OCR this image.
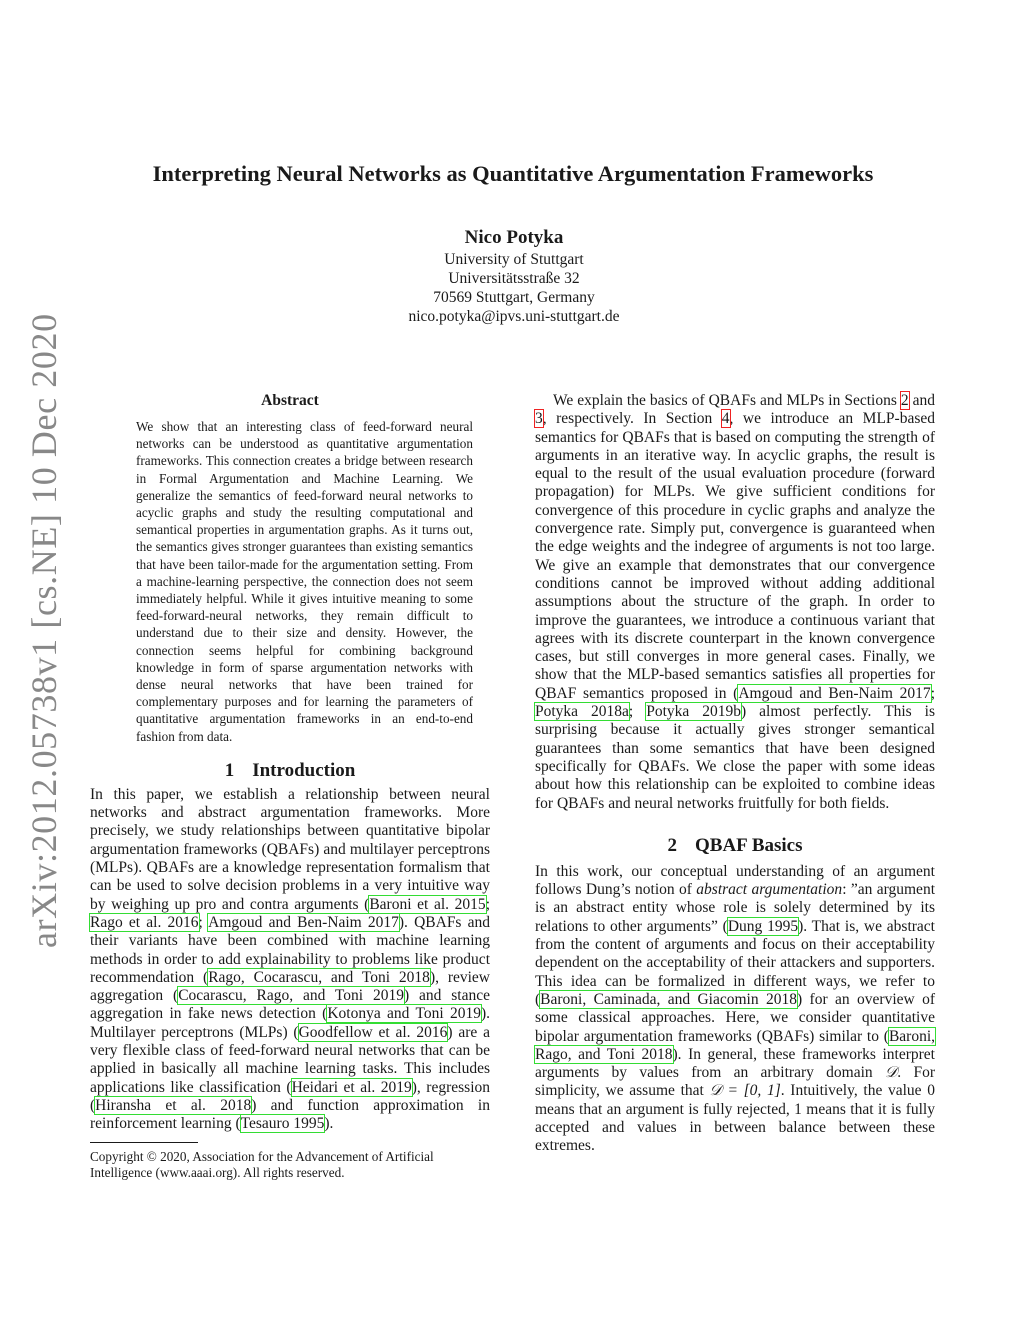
arXiv:2012.05738v1 [cs.NE] 10 Dec 2020
Interpreting Neural Networks as Quantitative Argumentation Frameworks
Nico Potyka
University of Stuttgart
Universitätsstraße 32
70569 Stuttgart, Germany
nico.potyka@ipvs.uni-stuttgart.de
Abstract

We show that an interesting class of feed-forward neural networks can be understood as quantitative argumentation frameworks. This connection creates a bridge between research in Formal Argumentation and Machine Learning. We generalize the semantics of feed-forward neural networks to acyclic graphs and study the resulting computational and semantical properties in argumentation graphs. As it turns out, the semantics gives stronger guarantees than existing semantics that have been tailor-made for the argumentation setting. From a machine-learning perspective, the connection does not seem immediately helpful. While it gives intuitive meaning to some feed-forward-neural networks, they remain difficult to understand due to their size and density. However, the connection seems helpful for combining background knowledge in form of sparse argumentation networks with dense neural networks that have been trained for complementary purposes and for learning the parameters of quantitative argumentation frameworks in an end-to-end fashion from data.

1 Introduction

In this paper, we establish a relationship between neural networks and abstract argumentation frameworks. More precisely, we study relationships between quantitative bipolar argumentation frameworks (QBAFs) and multilayer perceptrons (MLPs). QBAFs are a knowledge representation formalism that can be used to solve decision problems in a very intuitive way by weighing up pro and contra arguments (Baroni et al. 2015; Rago et al. 2016; Amgoud and Ben-Naim 2017). QBAFs and their variants have been combined with machine learning methods in order to add explainability to problems like product recommendation (Rago, Cocarascu, and Toni 2018), review aggregation (Cocarascu, Rago, and Toni 2019) and stance aggregation in fake news detection (Kotonya and Toni 2019). Multilayer perceptrons (MLPs) (Goodfellow et al. 2016) are a very flexible class of feed-forward neural networks that can be applied in basically all machine learning tasks. This includes applications like classification (Heidari et al. 2019), regression (Hiransha et al. 2018) and function approximation in reinforcement learning (Tesauro 1995).

Copyright © 2020, Association for the Advancement of Artificial Intelligence (www.aaai.org). All rights reserved.

We explain the basics of QBAFs and MLPs in Sections 2 and 3, respectively. In Section 4, we introduce an MLP-based semantics for QBAFs that is based on computing the strength of arguments in an iterative way. In acyclic graphs, the result is equal to the result of the usual evaluation procedure (forward propagation) for MLPs. We give sufficient conditions for convergence of this procedure in cyclic graphs and analyze the convergence rate. Simply put, convergence is guaranteed when the edge weights and the indegree of arguments is not too large. We give an example that demonstrates that our convergence conditions cannot be improved without adding additional assumptions about the structure of the graph. In order to improve the guarantees, we introduce a continuous variant that agrees with its discrete counterpart in the known convergence cases, but still converges in more general cases. Finally, we show that the MLP-based semantics satisfies all properties for QBAF semantics proposed in (Amgoud and Ben-Naim 2017; Potyka 2018a; Potyka 2019b) almost perfectly. This is surprising because it actually gives stronger semantical guarantees than some semantics that have been designed specifically for QBAFs. We close the paper with some ideas about how this relationship can be exploited to combine ideas for QBAFs and neural networks fruitfully for both fields.

2 QBAF Basics

In this work, our conceptual understanding of an argument follows Dung’s notion of abstract argumentation: ”an argument is an abstract entity whose role is solely determined by its relations to other arguments” (Dung 1995). That is, we abstract from the content of arguments and focus on their acceptability dependent on the acceptability of their attackers and supporters. This idea can be formalized in different ways, we refer to (Baroni, Caminada, and Giacomin 2018) for an overview of some classical approaches. Here, we consider quantitative bipolar argumentation frameworks (QBAFs) similar to (Baroni, Rago, and Toni 2018). In general, these frameworks interpret arguments by values from an arbitrary domain 𝒟. For simplicity, we assume that 𝒟 = [0, 1]. Intuitively, the value 0 means that an argument is fully rejected, 1 means that it is fully accepted and values in between balance between these extremes.
